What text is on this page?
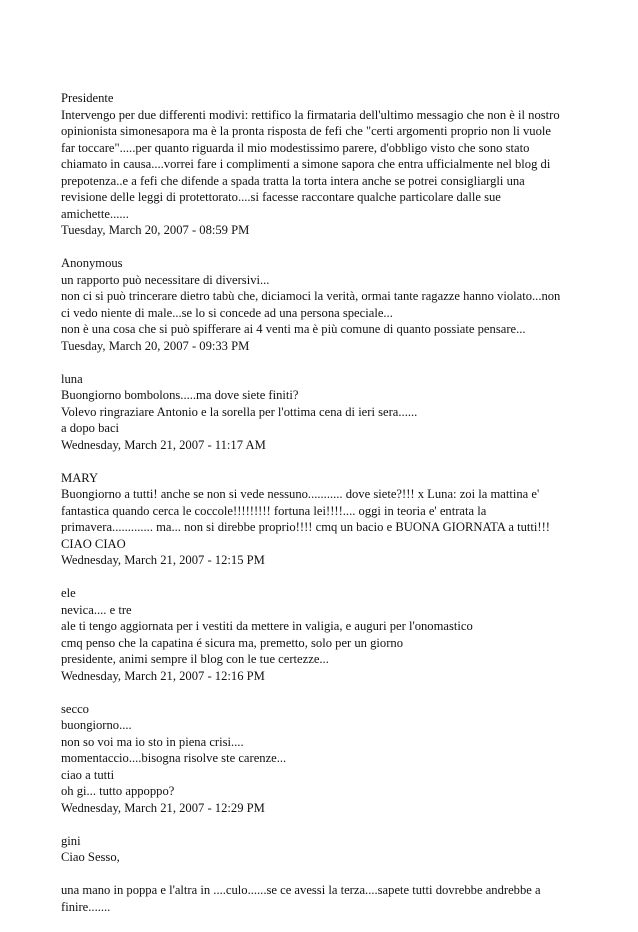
Presidente
Intervengo per due differenti modivi: rettifico la firmataria dell'ultimo messagio che non è il nostro
opinionista simonesapora ma è la pronta risposta de fefi che "certi argomenti proprio non li vuole
far toccare".....per quanto riguarda il mio modestissimo parere, d'obbligo visto che sono stato
chiamato in causa....vorrei fare i complimenti a simone sapora che entra ufficialmente nel blog di
prepotenza..e a fefi che difende a spada tratta la torta intera anche se potrei consigliargli una
revisione delle leggi di protettorato....si facesse raccontare qualche particolare dalle sue
amichette......
Tuesday, March 20, 2007 - 08:59 PM
Anonymous
un rapporto può necessitare di diversivi...
non ci si può trincerare dietro tabù che, diciamoci la verità, ormai tante ragazze hanno violato...non
ci vedo niente di male...se lo si concede ad una persona speciale...
non è una cosa che si può spifferare ai 4 venti ma è più comune di quanto possiate pensare...
Tuesday, March 20, 2007 - 09:33 PM
luna
Buongiorno bombolons.....ma dove siete finiti?
Volevo ringraziare Antonio e la sorella per l'ottima cena di ieri sera......
a dopo baci
Wednesday, March 21, 2007 - 11:17 AM
MARY
Buongiorno a tutti! anche se non si vede nessuno........... dove siete?!!! x Luna: zoi la mattina e'
fantastica quando cerca le coccole!!!!!!!!! fortuna lei!!!!.... oggi in teoria e' entrata la
primavera............. ma... non si direbbe proprio!!!! cmq un bacio e BUONA GIORNATA a tutti!!!
CIAO CIAO
Wednesday, March 21, 2007 - 12:15 PM
ele
nevica.... e tre
ale ti tengo aggiornata per i vestiti da mettere in valigia, e auguri per l'onomastico
cmq penso che la capatina é sicura ma, premetto, solo per un giorno
presidente, animi sempre il blog con le tue certezze...
Wednesday, March 21, 2007 - 12:16 PM
secco
buongiorno....
non so voi ma io sto in piena crisi....
momentaccio....bisogna risolve ste carenze...
ciao a tutti
oh gi... tutto appoppo?
Wednesday, March 21, 2007 - 12:29 PM
gini
Ciao Sesso,
una mano in poppa e l'altra in ....culo......se ce avessi la terza....sapete tutti dovrebbe andrebbe a
finire.......
